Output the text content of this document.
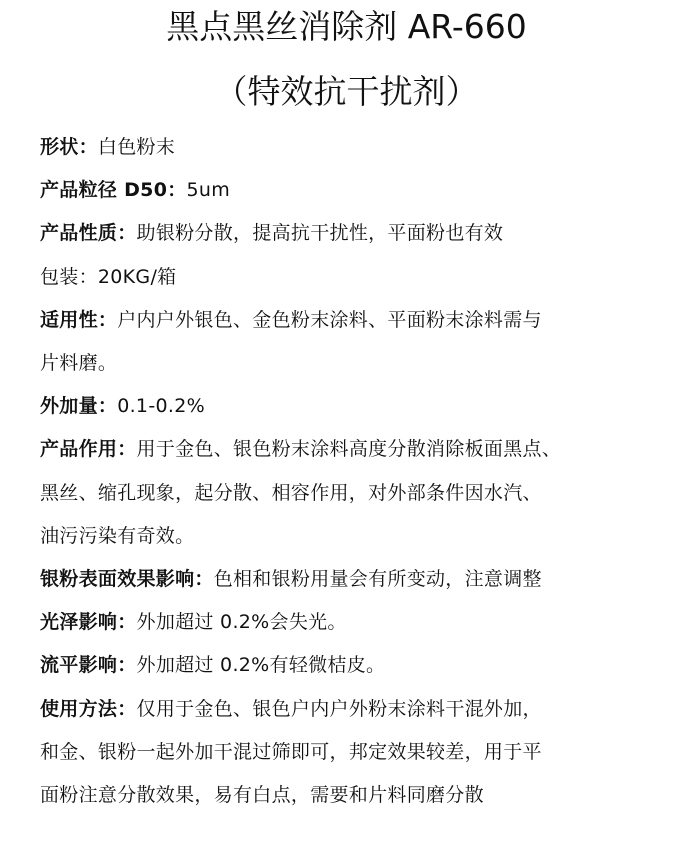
黑点黑丝消除剂 AR-660
（特效抗干扰剂）
形状：白色粉末
产品粒径 D50：5um
产品性质：助银粉分散，提高抗干扰性，平面粉也有效
包装：20KG/箱
适用性：户内户外银色、金色粉末涂料、平面粉末涂料需与
片料磨。
外加量：0.1-0.2%
产品作用：用于金色、银色粉末涂料高度分散消除板面黑点、
黑丝、缩孔现象，起分散、相容作用，对外部条件因水汽、
油污污染有奇效。
银粉表面效果影响：色相和银粉用量会有所变动，注意调整
光泽影响：外加超过 0.2%会失光。
流平影响：外加超过 0.2%有轻微桔皮。
使用方法：仅用于金色、银色户内户外粉末涂料干混外加，
和金、银粉一起外加干混过筛即可，邦定效果较差，用于平
面粉注意分散效果，易有白点，需要和片料同磨分散
